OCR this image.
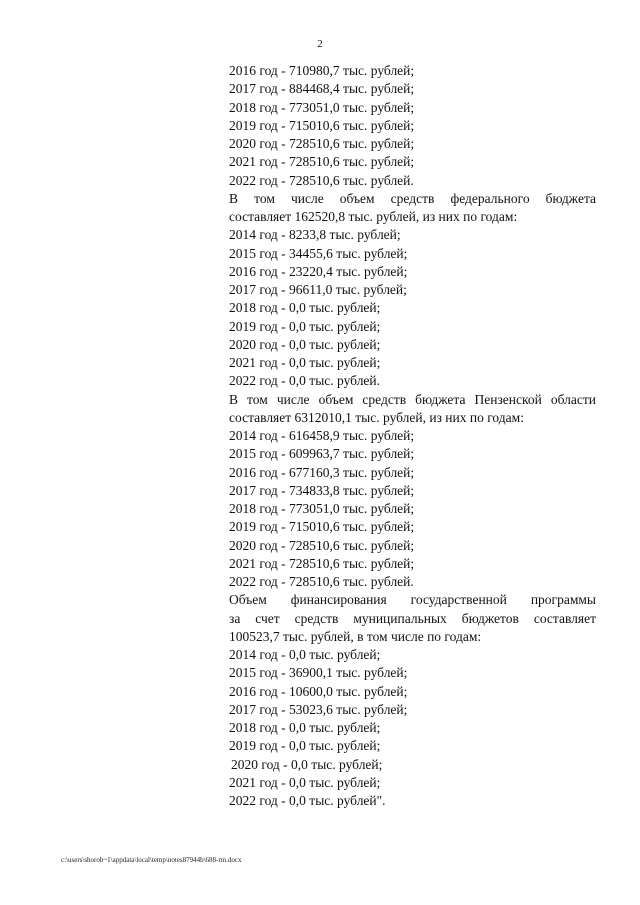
2
2016 год - 710980,7 тыс. рублей;
2017 год - 884468,4 тыс. рублей;
2018 год - 773051,0 тыс. рублей;
2019 год - 715010,6 тыс. рублей;
2020 год - 728510,6 тыс. рублей;
2021 год - 728510,6 тыс. рублей;
2022 год - 728510,6 тыс. рублей.
В том числе объем средств федерального бюджета
составляет 162520,8 тыс. рублей, из них по годам:
2014 год - 8233,8 тыс. рублей;
2015 год - 34455,6 тыс. рублей;
2016 год - 23220,4 тыс. рублей;
2017 год - 96611,0 тыс. рублей;
2018 год - 0,0 тыс. рублей;
2019 год - 0,0 тыс. рублей;
2020 год - 0,0 тыс. рублей;
2021 год - 0,0 тыс. рублей;
2022 год - 0,0 тыс. рублей.
В том числе объем средств бюджета Пензенской области
составляет 6312010,1 тыс. рублей, из них по годам:
2014 год - 616458,9 тыс. рублей;
2015 год - 609963,7 тыс. рублей;
2016 год - 677160,3 тыс. рублей;
2017 год - 734833,8 тыс. рублей;
2018 год - 773051,0 тыс. рублей;
2019 год - 715010,6 тыс. рублей;
2020 год - 728510,6 тыс. рублей;
2021 год - 728510,6 тыс. рублей;
2022 год - 728510,6 тыс. рублей.
Объем финансирования государственной программы
за счет средств муниципальных бюджетов составляет
100523,7 тыс. рублей, в том числе по годам:
2014 год - 0,0 тыс. рублей;
2015 год - 36900,1 тыс. рублей;
2016 год - 10600,0 тыс. рублей;
2017 год - 53023,6 тыс. рублей;
2018 год - 0,0 тыс. рублей;
2019 год - 0,0 тыс. рублей;
2020 год - 0,0 тыс. рублей;
2021 год - 0,0 тыс. рублей;
2022 год - 0,0 тыс. рублей".
c:\users\shorob~1\appdata\local\temp\notes87944b\688-rm.docx
